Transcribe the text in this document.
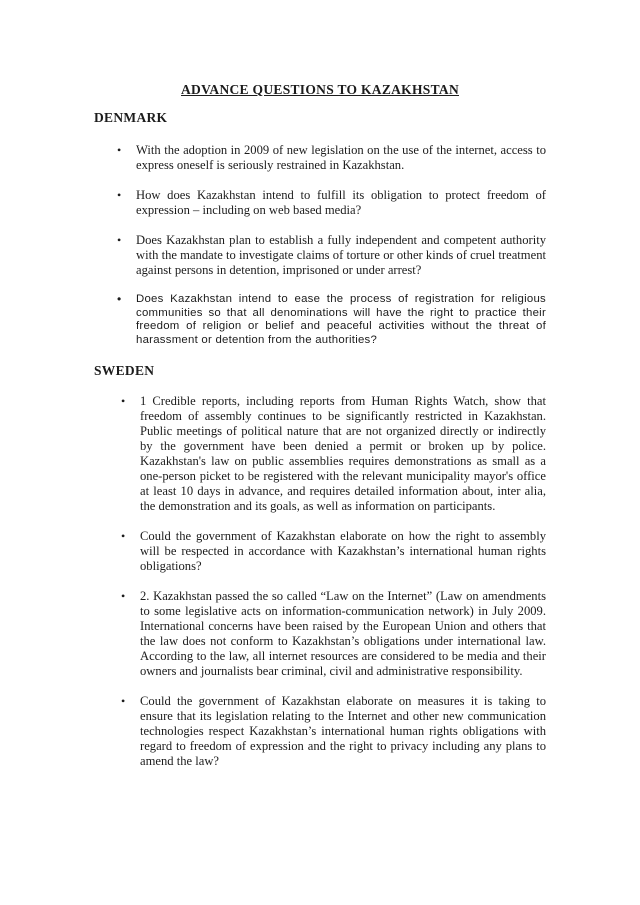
ADVANCE QUESTIONS TO KAZAKHSTAN
DENMARK
• With the adoption in 2009 of new legislation on the use of the internet, access to express oneself is seriously restrained in Kazakhstan.
• How does Kazakhstan intend to fulfill its obligation to protect freedom of expression – including on web based media?
• Does Kazakhstan plan to establish a fully independent and competent authority with the mandate to investigate claims of torture or other kinds of cruel treatment against persons in detention, imprisoned or under arrest?
• Does Kazakhstan intend to ease the process of registration for religious communities so that all denominations will have the right to practice their freedom of religion or belief and peaceful activities without the threat of harassment or detention from the authorities?
SWEDEN
• 1 Credible reports, including reports from Human Rights Watch, show that freedom of assembly continues to be significantly restricted in Kazakhstan. Public meetings of political nature that are not organized directly or indirectly by the government have been denied a permit or broken up by police. Kazakhstan's law on public assemblies requires demonstrations as small as a one-person picket to be registered with the relevant municipality mayor's office at least 10 days in advance, and requires detailed information about, inter alia, the demonstration and its goals, as well as information on participants.
• Could the government of Kazakhstan elaborate on how the right to assembly will be respected in accordance with Kazakhstan’s international human rights obligations?
• 2. Kazakhstan passed the so called “Law on the Internet” (Law on amendments to some legislative acts on information-communication network) in July 2009. International concerns have been raised by the European Union and others that the law does not conform to Kazakhstan’s obligations under international law. According to the law, all internet resources are considered to be media and their owners and journalists bear criminal, civil and administrative responsibility.
• Could the government of Kazakhstan elaborate on measures it is taking to ensure that its legislation relating to the Internet and other new communication technologies respect Kazakhstan’s international human rights obligations with regard to freedom of expression and the right to privacy including any plans to amend the law?
